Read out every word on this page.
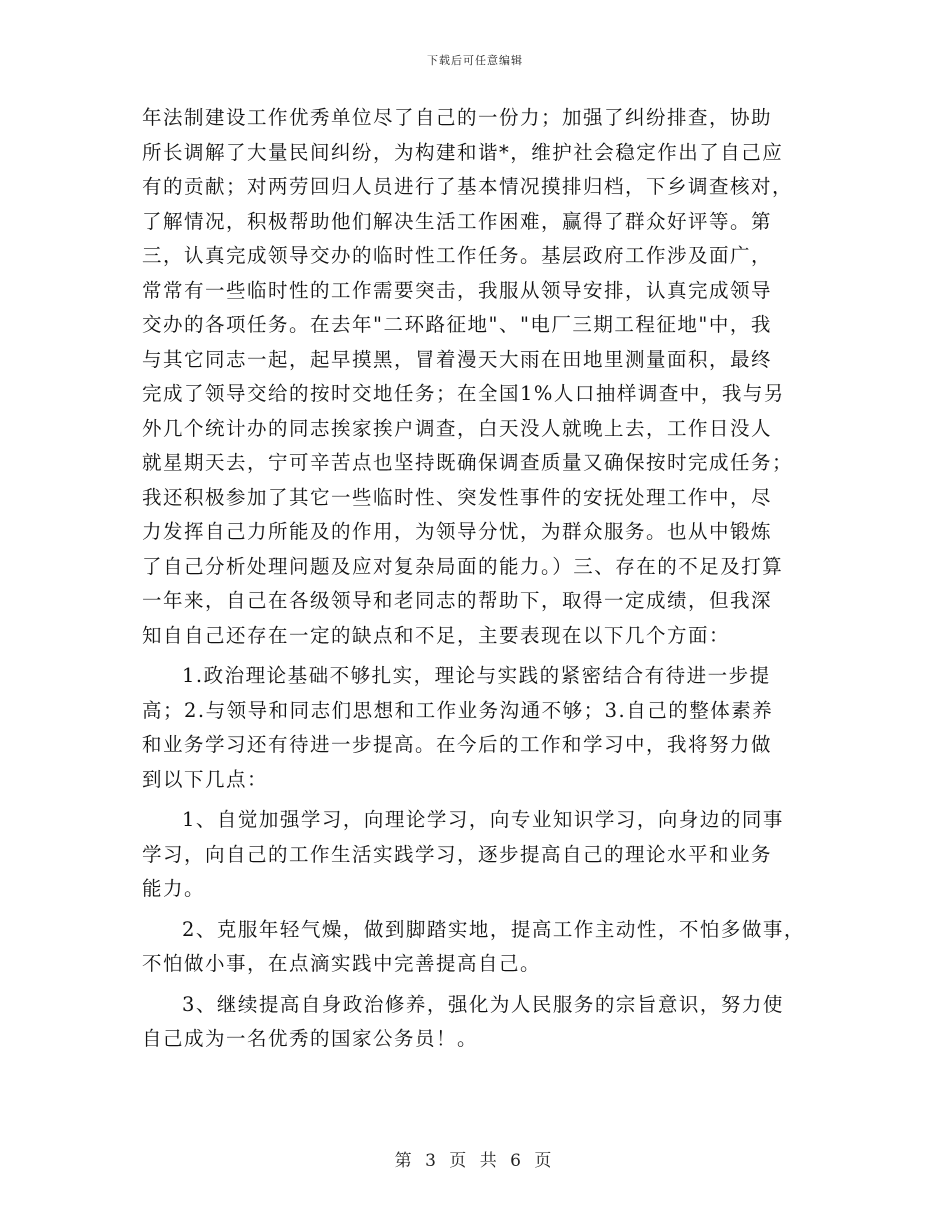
下载后可任意编辑
年法制建设工作优秀单位尽了自己的一份力；加强了纠纷排查，协助
所长调解了大量民间纠纷，为构建和谐*，维护社会稳定作出了自己应
有的贡献；对两劳回归人员进行了基本情况摸排归档，下乡调查核对，
了解情况，积极帮助他们解决生活工作困难，赢得了群众好评等。第
三，认真完成领导交办的临时性工作任务。基层政府工作涉及面广，
常常有一些临时性的工作需要突击，我服从领导安排，认真完成领导
交办的各项任务。在去年"二环路征地"、"电厂三期工程征地"中，我
与其它同志一起，起早摸黑，冒着漫天大雨在田地里测量面积，最终
完成了领导交给的按时交地任务；在全国1%人口抽样调查中，我与另
外几个统计办的同志挨家挨户调查，白天没人就晚上去，工作日没人
就星期天去，宁可辛苦点也坚持既确保调查质量又确保按时完成任务；
我还积极参加了其它一些临时性、突发性事件的安抚处理工作中，尽
力发挥自己力所能及的作用，为领导分忧，为群众服务。也从中锻炼
了自己分析处理问题及应对复杂局面的能力。）三、存在的不足及打算
一年来，自己在各级领导和老同志的帮助下，取得一定成绩，但我深
知自自己还存在一定的缺点和不足，主要表现在以下几个方面：
1.政治理论基础不够扎实，理论与实践的紧密结合有待进一步提
高；2.与领导和同志们思想和工作业务沟通不够；3.自己的整体素养
和业务学习还有待进一步提高。在今后的工作和学习中，我将努力做
到以下几点：
1、自觉加强学习，向理论学习，向专业知识学习，向身边的同事
学习，向自己的工作生活实践学习，逐步提高自己的理论水平和业务
能力。
2、克服年轻气燥，做到脚踏实地，提高工作主动性，不怕多做事，
不怕做小事，在点滴实践中完善提高自己。
3、继续提高自身政治修养，强化为人民服务的宗旨意识，努力使
自己成为一名优秀的国家公务员！。
第 3 页 共 6 页
